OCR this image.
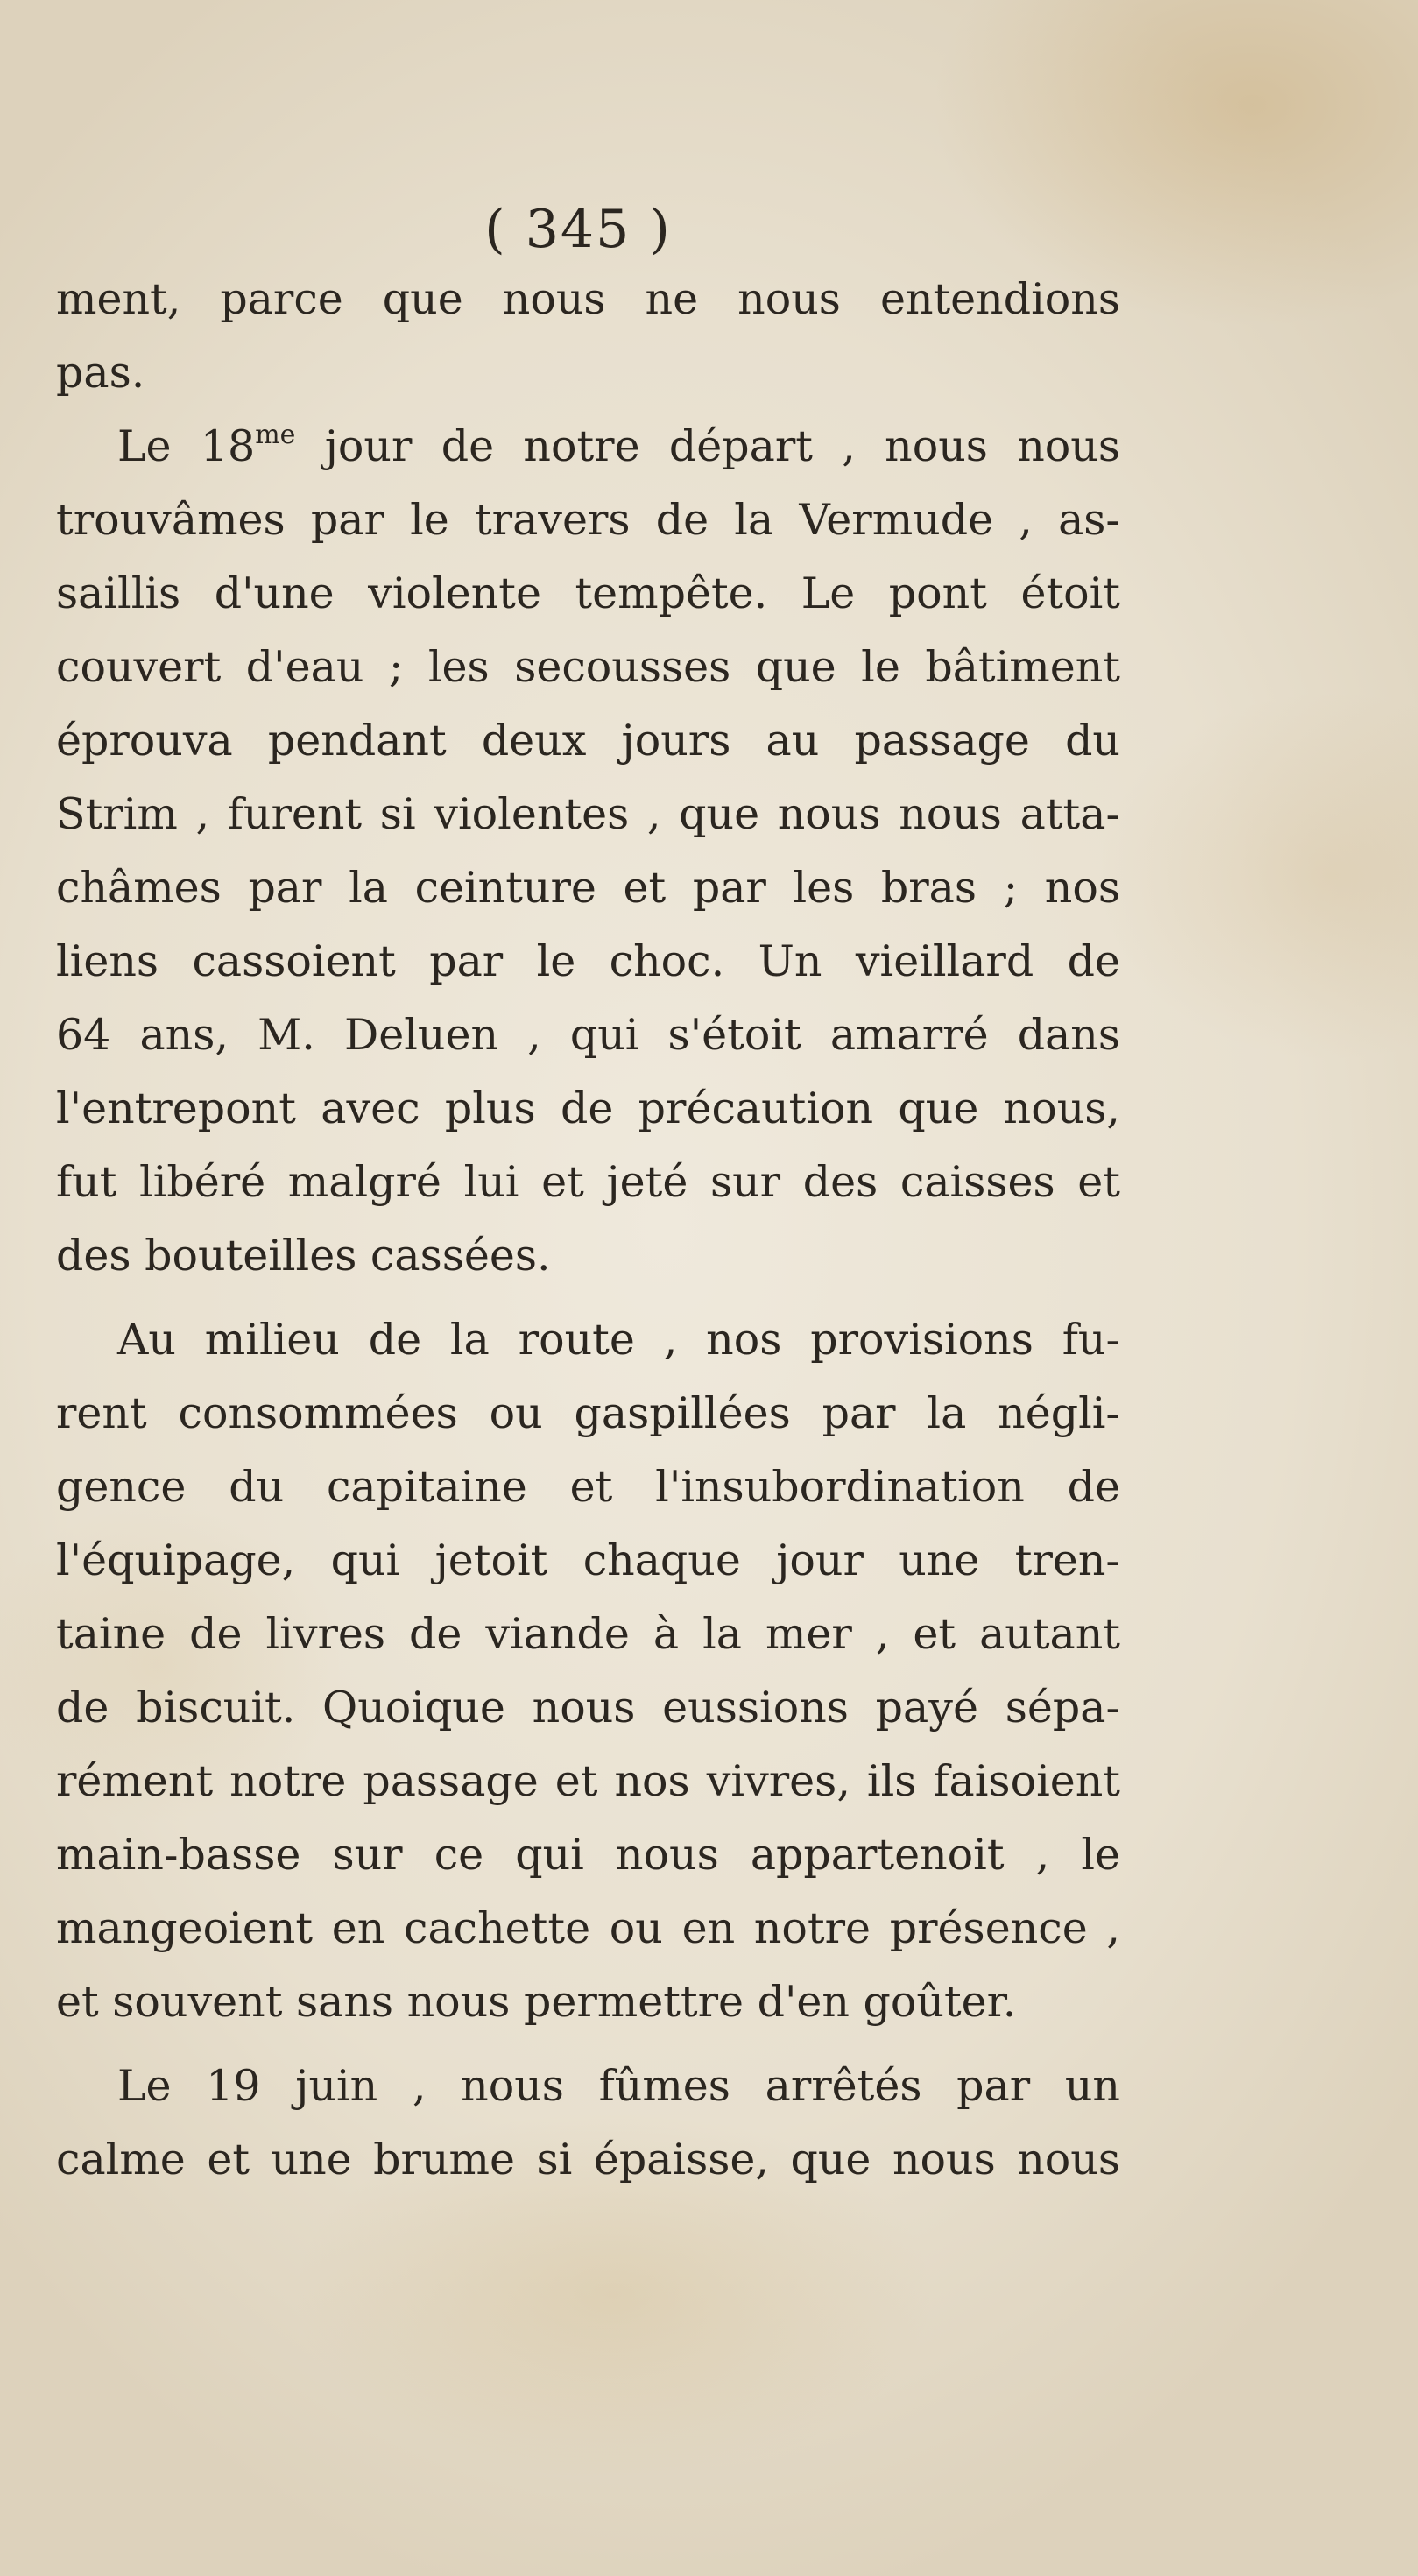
( 345 )

ment, parce que nous ne nous entendions
pas.
Le $18^{me}$ jour de notre départ , nous nous
trouvâmes par le travers de la Vermude , as-
saillis d'une violente tempête. Le pont étoit
couvert d'eau ; les secousses que le bâtiment
éprouva pendant deux jours au passage du
Strim , furent si violentes , que nous nous atta-
châmes par la ceinture et par les bras ; nos
liens cassoient par le choc. Un vieillard de
64 ans, M. Deluen , qui s'étoit amarré dans
l'entrepont avec plus de précaution que nous,
fut libéré malgré lui et jeté sur des caisses et
des bouteilles cassées.
Au milieu de la route , nos provisions fu-
rent consommées ou gaspillées par la négli-
gence du capitaine et l'insubordination de
l'équipage, qui jetoit chaque jour une tren-
taine de livres de viande à la mer , et autant
de biscuit. Quoique nous eussions payé sépa-
rément notre passage et nos vivres, ils faisoient
main-basse sur ce qui nous appartenoit , le
mangeoient en cachette ou en notre présence ,
et souvent sans nous permettre d'en goûter.
Le 19 juin , nous fûmes arrêtés par un
calme et une brume si épaisse, que nous nous
